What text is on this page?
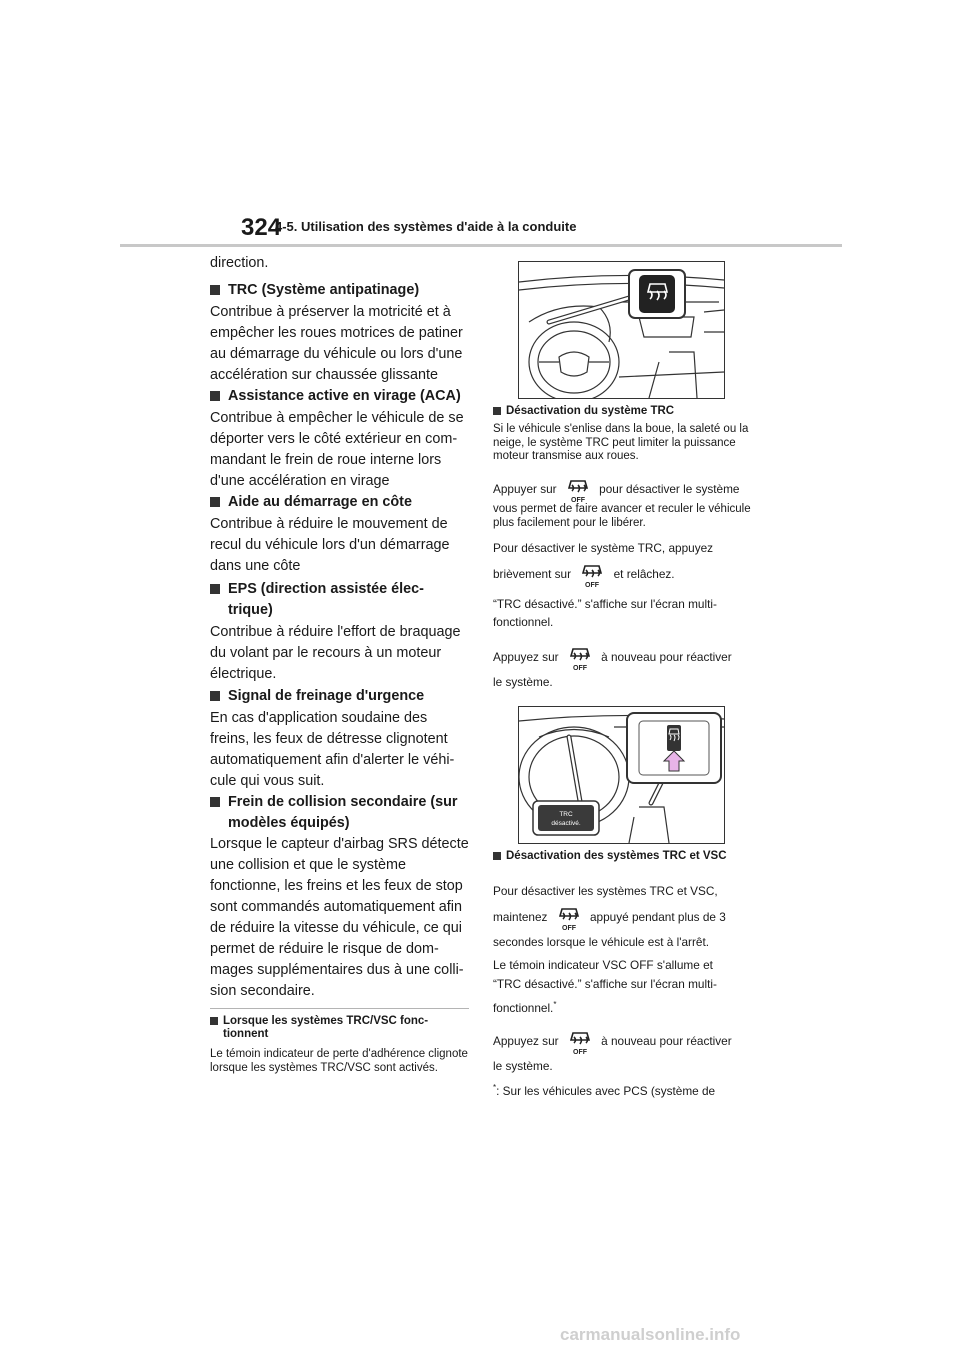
324
4-5. Utilisation des systèmes d'aide à la conduite
direction.
TRC (Système antipatinage)
Contribue à préserver la motricité et à empêcher les roues motrices de patiner au démarrage du véhicule ou lors d'une accélération sur chaussée glissante
Assistance active en virage (ACA)
Contribue à empêcher le véhicule de se déporter vers le côté extérieur en com- mandant le frein de roue interne lors d'une accélération en virage
Aide au démarrage en côte
Contribue à réduire le mouvement de recul du véhicule lors d'un démarrage dans une côte
EPS (direction assistée élec- trique)
Contribue à réduire l'effort de braquage du volant par le recours à un moteur électrique.
Signal de freinage d'urgence
En cas d'application soudaine des freins, les feux de détresse clignotent automatiquement afin d'alerter le véhi- cule qui vous suit.
Frein de collision secondaire (sur modèles équipés)
Lorsque le capteur d'airbag SRS détecte une collision et que le système fonctionne, les freins et les feux de stop sont commandés automatiquement afin de réduire la vitesse du véhicule, ce qui permet de réduire le risque de dom- mages supplémentaires dus à une colli- sion secondaire.
Lorsque les systèmes TRC/VSC fonc- tionnent
Le témoin indicateur de perte d'adhérence clignote lorsque les systèmes TRC/VSC sont activés.
Désactivation du système TRC
Si le véhicule s'enlise dans la boue, la saleté ou la neige, le système TRC peut limiter la puissance moteur transmise aux roues.
Appuyer sur
OFF
pour désactiver le système
vous permet de faire avancer et reculer le véhicule plus facilement pour le libérer.
Pour désactiver le système TRC, appuyez
brièvement sur
OFF
et relâchez.
“TRC désactivé.” s'affiche sur l'écran multi-
fonctionnel.
Appuyez sur
OFF
à nouveau pour réactiver
le système.
TRC
désactivé.
Désactivation des systèmes TRC et VSC
Pour désactiver les systèmes TRC et VSC,
maintenez
OFF
appuyé pendant plus de 3
secondes lorsque le véhicule est à l'arrêt.
Le témoin indicateur VSC OFF s'allume et
“TRC désactivé.” s'affiche sur l'écran multi-
fonctionnel.*
Appuyez sur
OFF
à nouveau pour réactiver
le système.
*: Sur les véhicules avec PCS (système de
carmanualsonline.info
